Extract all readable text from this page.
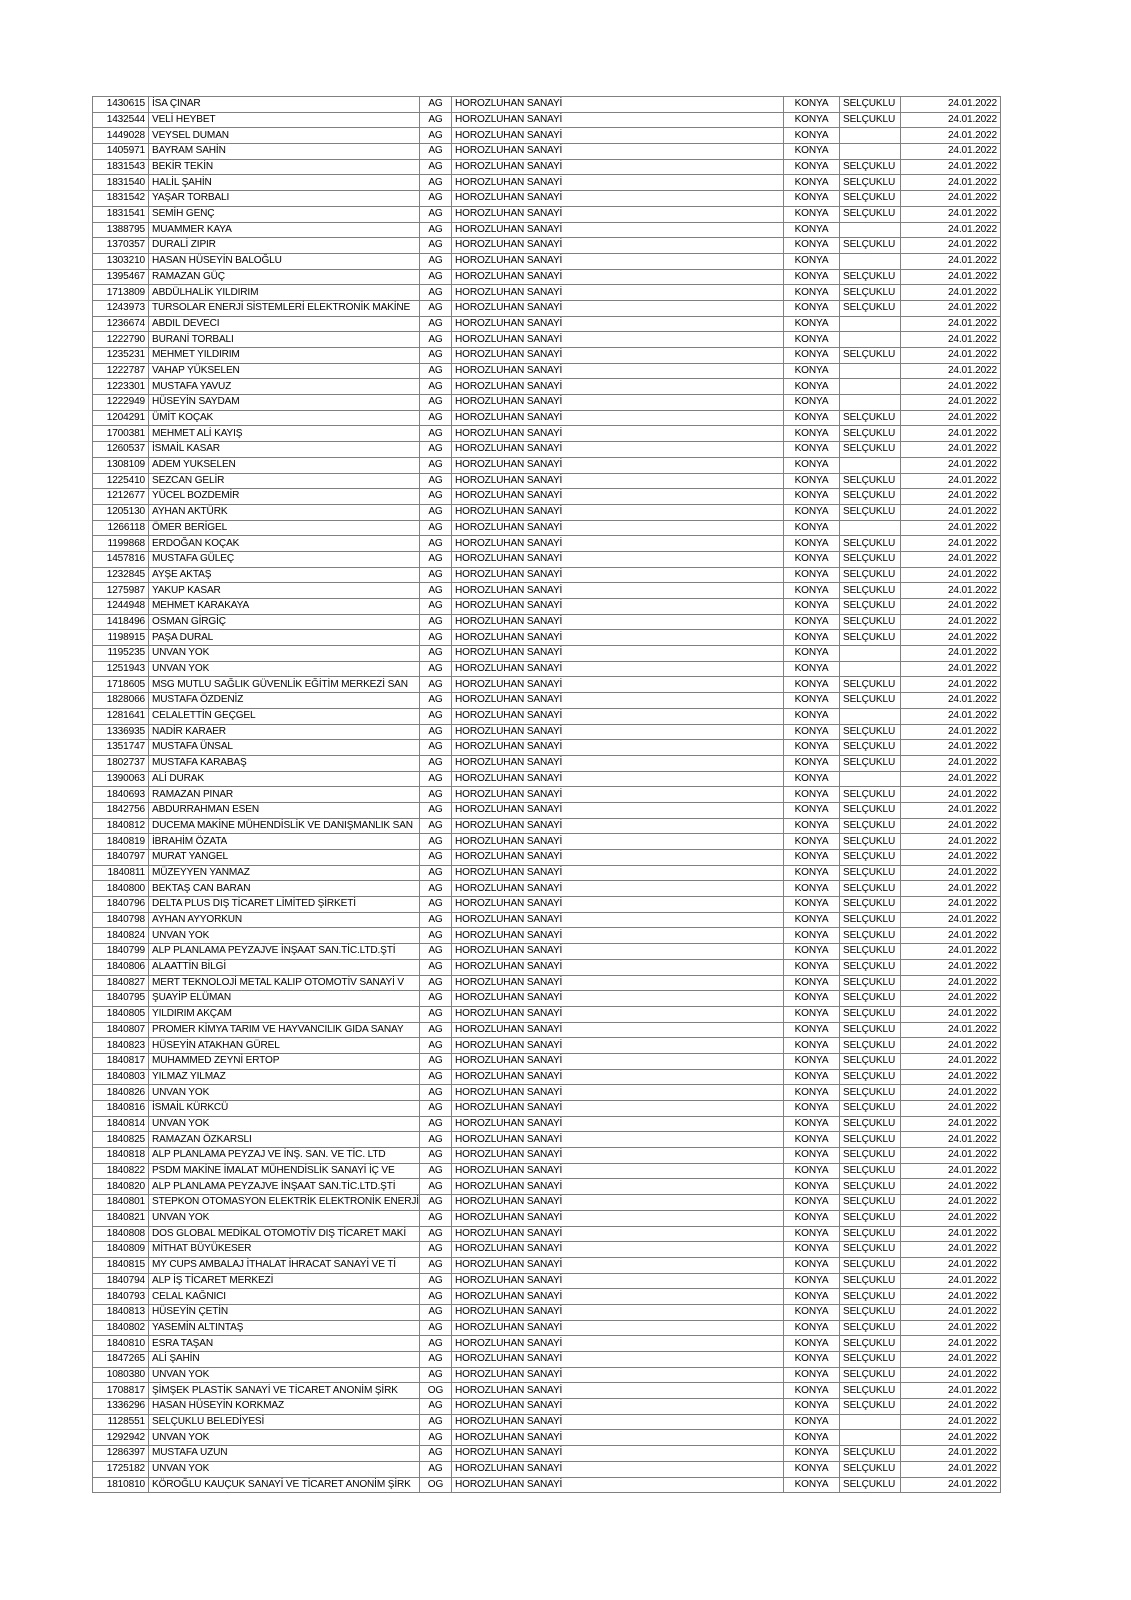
1430615	İSA ÇINAR	AG	HOROZLUHAN SANAYİ	KONYA	SELÇUKLU	24.01.2022
1432544	VELİ HEYBET	AG	HOROZLUHAN SANAYİ	KONYA	SELÇUKLU	24.01.2022
1449028	VEYSEL DUMAN	AG	HOROZLUHAN SANAYİ	KONYA		24.01.2022
1405971	BAYRAM SAHİN	AG	HOROZLUHAN SANAYİ	KONYA		24.01.2022
1831543	BEKİR TEKİN	AG	HOROZLUHAN SANAYİ	KONYA	SELÇUKLU	24.01.2022
1831540	HALİL ŞAHİN	AG	HOROZLUHAN SANAYİ	KONYA	SELÇUKLU	24.01.2022
1831542	YAŞAR TORBALI	AG	HOROZLUHAN SANAYİ	KONYA	SELÇUKLU	24.01.2022
1831541	SEMİH GENÇ	AG	HOROZLUHAN SANAYİ	KONYA	SELÇUKLU	24.01.2022
1388795	MUAMMER KAYA	AG	HOROZLUHAN SANAYİ	KONYA		24.01.2022
1370357	DURALİ ZIPIR	AG	HOROZLUHAN SANAYİ	KONYA	SELÇUKLU	24.01.2022
1303210	HASAN HÜSEYİN BALOĞLU	AG	HOROZLUHAN SANAYİ	KONYA		24.01.2022
1395467	RAMAZAN GÜÇ	AG	HOROZLUHAN SANAYİ	KONYA	SELÇUKLU	24.01.2022
1713809	ABDÜLHALİK YILDIRIM	AG	HOROZLUHAN SANAYİ	KONYA	SELÇUKLU	24.01.2022
1243973	TURSOLAR ENERJİ SİSTEMLERİ ELEKTRONİK MAKİNE	AG	HOROZLUHAN SANAYİ	KONYA	SELÇUKLU	24.01.2022
1236674	ABDIL DEVECI	AG	HOROZLUHAN SANAYİ	KONYA		24.01.2022
1222790	BURANİ TORBALI	AG	HOROZLUHAN SANAYİ	KONYA		24.01.2022
1235231	MEHMET YILDIRIM	AG	HOROZLUHAN SANAYİ	KONYA	SELÇUKLU	24.01.2022
1222787	VAHAP YÜKSELEN	AG	HOROZLUHAN SANAYİ	KONYA		24.01.2022
1223301	MUSTAFA YAVUZ	AG	HOROZLUHAN SANAYİ	KONYA		24.01.2022
1222949	HÜSEYİN SAYDAM	AG	HOROZLUHAN SANAYİ	KONYA		24.01.2022
1204291	ÜMİT KOÇAK	AG	HOROZLUHAN SANAYİ	KONYA	SELÇUKLU	24.01.2022
1700381	MEHMET ALİ KAYIŞ	AG	HOROZLUHAN SANAYİ	KONYA	SELÇUKLU	24.01.2022
1260537	İSMAİL KASAR	AG	HOROZLUHAN SANAYİ	KONYA	SELÇUKLU	24.01.2022
1308109	ADEM YUKSELEN	AG	HOROZLUHAN SANAYİ	KONYA		24.01.2022
1225410	SEZCAN GELİR	AG	HOROZLUHAN SANAYİ	KONYA	SELÇUKLU	24.01.2022
1212677	YÜCEL BOZDEMİR	AG	HOROZLUHAN SANAYİ	KONYA	SELÇUKLU	24.01.2022
1205130	AYHAN AKTÜRK	AG	HOROZLUHAN SANAYİ	KONYA	SELÇUKLU	24.01.2022
1266118	ÖMER BERİGEL	AG	HOROZLUHAN SANAYİ	KONYA		24.01.2022
1199868	ERDOĞAN KOÇAK	AG	HOROZLUHAN SANAYİ	KONYA	SELÇUKLU	24.01.2022
1457816	MUSTAFA GÜLEÇ	AG	HOROZLUHAN SANAYİ	KONYA	SELÇUKLU	24.01.2022
1232845	AYŞE AKTAŞ	AG	HOROZLUHAN SANAYİ	KONYA	SELÇUKLU	24.01.2022
1275987	YAKUP KASAR	AG	HOROZLUHAN SANAYİ	KONYA	SELÇUKLU	24.01.2022
1244948	MEHMET KARAKAYA	AG	HOROZLUHAN SANAYİ	KONYA	SELÇUKLU	24.01.2022
1418496	OSMAN GİRGİÇ	AG	HOROZLUHAN SANAYİ	KONYA	SELÇUKLU	24.01.2022
1198915	PAŞA DURAL	AG	HOROZLUHAN SANAYİ	KONYA	SELÇUKLU	24.01.2022
1195235	UNVAN YOK	AG	HOROZLUHAN SANAYİ	KONYA		24.01.2022
1251943	UNVAN YOK	AG	HOROZLUHAN SANAYİ	KONYA		24.01.2022
1718605	MSG MUTLU SAĞLIK GÜVENLİK EĞİTİM MERKEZİ SAN	AG	HOROZLUHAN SANAYİ	KONYA	SELÇUKLU	24.01.2022
1828066	MUSTAFA ÖZDENİZ	AG	HOROZLUHAN SANAYİ	KONYA	SELÇUKLU	24.01.2022
1281641	CELALETTİN GEÇGEL	AG	HOROZLUHAN SANAYİ	KONYA		24.01.2022
1336935	NADİR KARAER	AG	HOROZLUHAN SANAYİ	KONYA	SELÇUKLU	24.01.2022
1351747	MUSTAFA ÜNSAL	AG	HOROZLUHAN SANAYİ	KONYA	SELÇUKLU	24.01.2022
1802737	MUSTAFA KARABAŞ	AG	HOROZLUHAN SANAYİ	KONYA	SELÇUKLU	24.01.2022
1390063	ALİ DURAK	AG	HOROZLUHAN SANAYİ	KONYA		24.01.2022
1840693	RAMAZAN PINAR	AG	HOROZLUHAN SANAYİ	KONYA	SELÇUKLU	24.01.2022
1842756	ABDURRAHMAN ESEN	AG	HOROZLUHAN SANAYİ	KONYA	SELÇUKLU	24.01.2022
1840812	DUCEMA MAKİNE MÜHENDİSLİK VE DANIŞMANLIK SAN	AG	HOROZLUHAN SANAYİ	KONYA	SELÇUKLU	24.01.2022
1840819	İBRAHİM ÖZATA	AG	HOROZLUHAN SANAYİ	KONYA	SELÇUKLU	24.01.2022
1840797	MURAT YANGEL	AG	HOROZLUHAN SANAYİ	KONYA	SELÇUKLU	24.01.2022
1840811	MÜZEYYEN YANMAZ	AG	HOROZLUHAN SANAYİ	KONYA	SELÇUKLU	24.01.2022
1840800	BEKTAŞ CAN BARAN	AG	HOROZLUHAN SANAYİ	KONYA	SELÇUKLU	24.01.2022
1840796	DELTA PLUS DIŞ TİCARET LİMİTED ŞİRKETİ	AG	HOROZLUHAN SANAYİ	KONYA	SELÇUKLU	24.01.2022
1840798	AYHAN AYYORKUN	AG	HOROZLUHAN SANAYİ	KONYA	SELÇUKLU	24.01.2022
1840824	UNVAN YOK	AG	HOROZLUHAN SANAYİ	KONYA	SELÇUKLU	24.01.2022
1840799	ALP PLANLAMA PEYZAJVE İNŞAAT SAN.TİC.LTD.ŞTİ	AG	HOROZLUHAN SANAYİ	KONYA	SELÇUKLU	24.01.2022
1840806	ALAATTİN BİLGİ	AG	HOROZLUHAN SANAYİ	KONYA	SELÇUKLU	24.01.2022
1840827	MERT TEKNOLOJİ METAL KALIP OTOMOTİV SANAYİ V	AG	HOROZLUHAN SANAYİ	KONYA	SELÇUKLU	24.01.2022
1840795	ŞUAYİP ELÜMAN	AG	HOROZLUHAN SANAYİ	KONYA	SELÇUKLU	24.01.2022
1840805	YILDIRIM AKÇAM	AG	HOROZLUHAN SANAYİ	KONYA	SELÇUKLU	24.01.2022
1840807	PROMER KİMYA TARIM VE HAYVANCILIK GIDA SANAY	AG	HOROZLUHAN SANAYİ	KONYA	SELÇUKLU	24.01.2022
1840823	HÜSEYİN ATAKHAN GÜREL	AG	HOROZLUHAN SANAYİ	KONYA	SELÇUKLU	24.01.2022
1840817	MUHAMMED ZEYNİ ERTOP	AG	HOROZLUHAN SANAYİ	KONYA	SELÇUKLU	24.01.2022
1840803	YILMAZ YILMAZ	AG	HOROZLUHAN SANAYİ	KONYA	SELÇUKLU	24.01.2022
1840826	UNVAN YOK	AG	HOROZLUHAN SANAYİ	KONYA	SELÇUKLU	24.01.2022
1840816	İSMAİL KÜRKCÜ	AG	HOROZLUHAN SANAYİ	KONYA	SELÇUKLU	24.01.2022
1840814	UNVAN YOK	AG	HOROZLUHAN SANAYİ	KONYA	SELÇUKLU	24.01.2022
1840825	RAMAZAN ÖZKARSLI	AG	HOROZLUHAN SANAYİ	KONYA	SELÇUKLU	24.01.2022
1840818	ALP PLANLAMA PEYZAJ VE İNŞ. SAN. VE TİC. LTD	AG	HOROZLUHAN SANAYİ	KONYA	SELÇUKLU	24.01.2022
1840822	PSDM MAKİNE İMALAT MÜHENDİSLİK SANAYİ İÇ VE	AG	HOROZLUHAN SANAYİ	KONYA	SELÇUKLU	24.01.2022
1840820	ALP PLANLAMA PEYZAJVE İNŞAAT SAN.TİC.LTD.ŞTİ	AG	HOROZLUHAN SANAYİ	KONYA	SELÇUKLU	24.01.2022
1840801	STEPKON OTOMASYON ELEKTRİK ELEKTRONİK ENERJİ	AG	HOROZLUHAN SANAYİ	KONYA	SELÇUKLU	24.01.2022
1840821	UNVAN YOK	AG	HOROZLUHAN SANAYİ	KONYA	SELÇUKLU	24.01.2022
1840808	DOS GLOBAL MEDİKAL OTOMOTİV DIŞ TİCARET MAKİ	AG	HOROZLUHAN SANAYİ	KONYA	SELÇUKLU	24.01.2022
1840809	MİTHAT BÜYÜKESER	AG	HOROZLUHAN SANAYİ	KONYA	SELÇUKLU	24.01.2022
1840815	MY CUPS AMBALAJ İTHALAT İHRACAT SANAYİ VE Tİ	AG	HOROZLUHAN SANAYİ	KONYA	SELÇUKLU	24.01.2022
1840794	ALP İŞ TİCARET MERKEZİ	AG	HOROZLUHAN SANAYİ	KONYA	SELÇUKLU	24.01.2022
1840793	CELAL KAĞNICI	AG	HOROZLUHAN SANAYİ	KONYA	SELÇUKLU	24.01.2022
1840813	HÜSEYİN ÇETİN	AG	HOROZLUHAN SANAYİ	KONYA	SELÇUKLU	24.01.2022
1840802	YASEMİN ALTINTAŞ	AG	HOROZLUHAN SANAYİ	KONYA	SELÇUKLU	24.01.2022
1840810	ESRA TAŞAN	AG	HOROZLUHAN SANAYİ	KONYA	SELÇUKLU	24.01.2022
1847265	ALİ ŞAHİN	AG	HOROZLUHAN SANAYİ	KONYA	SELÇUKLU	24.01.2022
1080380	UNVAN YOK	AG	HOROZLUHAN SANAYİ	KONYA	SELÇUKLU	24.01.2022
1708817	ŞİMŞEK PLASTİK SANAYİ VE TİCARET ANONİM ŞİRK	OG	HOROZLUHAN SANAYİ	KONYA	SELÇUKLU	24.01.2022
1336296	HASAN HÜSEYİN KORKMAZ	AG	HOROZLUHAN SANAYİ	KONYA	SELÇUKLU	24.01.2022
1128551	SELÇUKLU BELEDİYESİ	AG	HOROZLUHAN SANAYİ	KONYA		24.01.2022
1292942	UNVAN YOK	AG	HOROZLUHAN SANAYİ	KONYA		24.01.2022
1286397	MUSTAFA UZUN	AG	HOROZLUHAN SANAYİ	KONYA	SELÇUKLU	24.01.2022
1725182	UNVAN YOK	AG	HOROZLUHAN SANAYİ	KONYA	SELÇUKLU	24.01.2022
1810810	KÖROĞLU KAUÇUK SANAYİ VE TİCARET ANONİM ŞİRK	OG	HOROZLUHAN SANAYİ	KONYA	SELÇUKLU	24.01.2022
